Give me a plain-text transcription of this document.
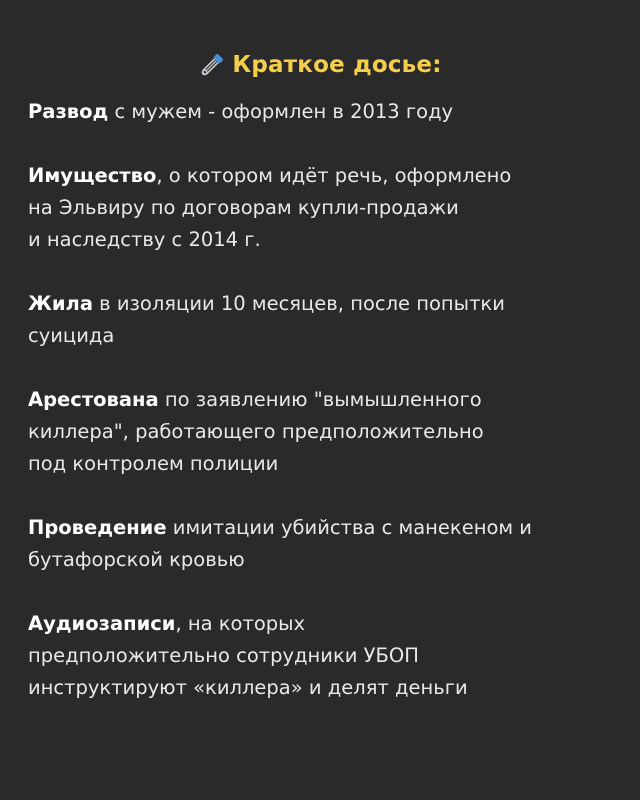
Краткое досье:
Развод с мужем - оформлен в 2013 году
Имущество, о котором идёт речь, оформлено
на Эльвиру по договорам купли-продажи
и наследству с 2014 г.
Жила в изоляции 10 месяцев, после попытки
суицида
Арестована по заявлению "вымышленного
киллера", работающего предположительно
под контролем полиции
Проведение имитации убийства с манекеном и
бутафорской кровью
Аудиозаписи, на которых
предположительно сотрудники УБОП
инструктируют «киллера» и делят деньги
